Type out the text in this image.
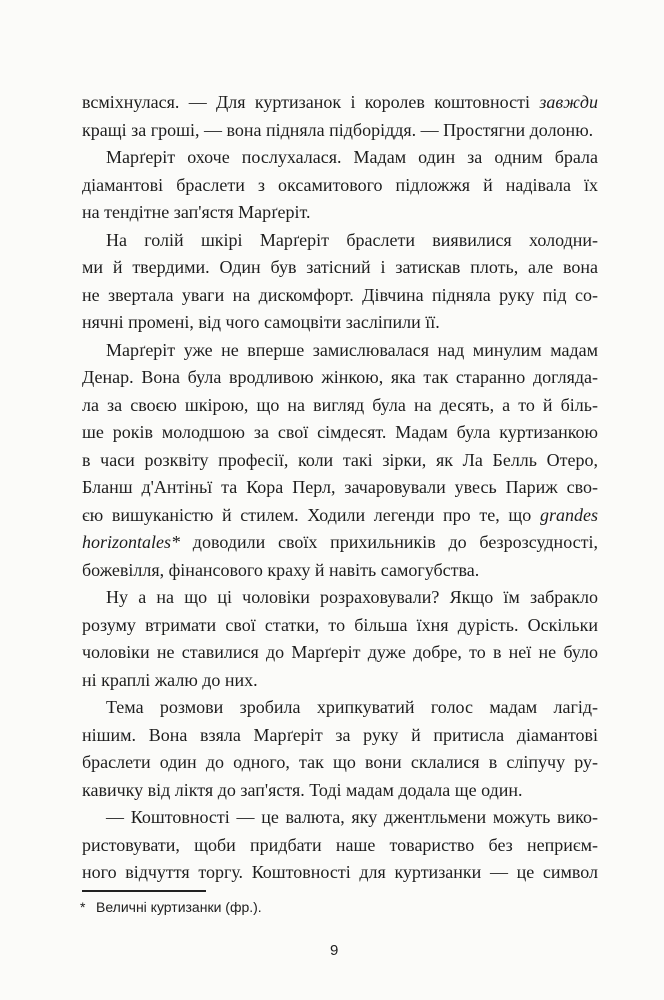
всміхнулася. — Для куртизанок і королев коштовності завжди
кращі за гроші, — вона підняла підборіддя. — Простягни долоню.
Марґеріт охоче послухалася. Мадам один за одним брала
діамантові браслети з оксамитового підложжя й надівала їх
на тендітне зап'ястя Марґеріт.
На голій шкірі Марґеріт браслети виявилися холодни-
ми й твердими. Один був затісний і затискав плоть, але вона
не звертала уваги на дискомфорт. Дівчина підняла руку під со-
нячні промені, від чого самоцвіти засліпили її.
Марґеріт уже не вперше замислювалася над минулим мадам
Денар. Вона була вродливою жінкою, яка так старанно догляда-
ла за своєю шкірою, що на вигляд була на десять, а то й біль-
ше років молодшою за свої сімдесят. Мадам була куртизанкою
в часи розквіту професії, коли такі зірки, як Ла Белль Отеро,
Бланш д'Антіньї та Кора Перл, зачаровували увесь Париж сво-
єю вишуканістю й стилем. Ходили легенди про те, що grandes
horizontales* доводили своїх прихильників до безрозсудності,
божевілля, фінансового краху й навіть самогубства.
Ну а на що ці чоловіки розраховували? Якщо їм забракло
розуму втримати свої статки, то більша їхня дурість. Оскільки
чоловіки не ставилися до Марґеріт дуже добре, то в неї не було
ні краплі жалю до них.
Тема розмови зробила хрипкуватий голос мадам лагід-
нішим. Вона взяла Марґеріт за руку й притисла діамантові
браслети один до одного, так що вони склалися в сліпучу ру-
кавичку від ліктя до зап'ястя. Тоді мадам додала ще один.
— Коштовності — це валюта, яку джентльмени можуть вико-
ристовувати, щоби придбати наше товариство без неприєм-
ного відчуття торгу. Коштовності для куртизанки — це символ
* Величні куртизанки (фр.).
9
